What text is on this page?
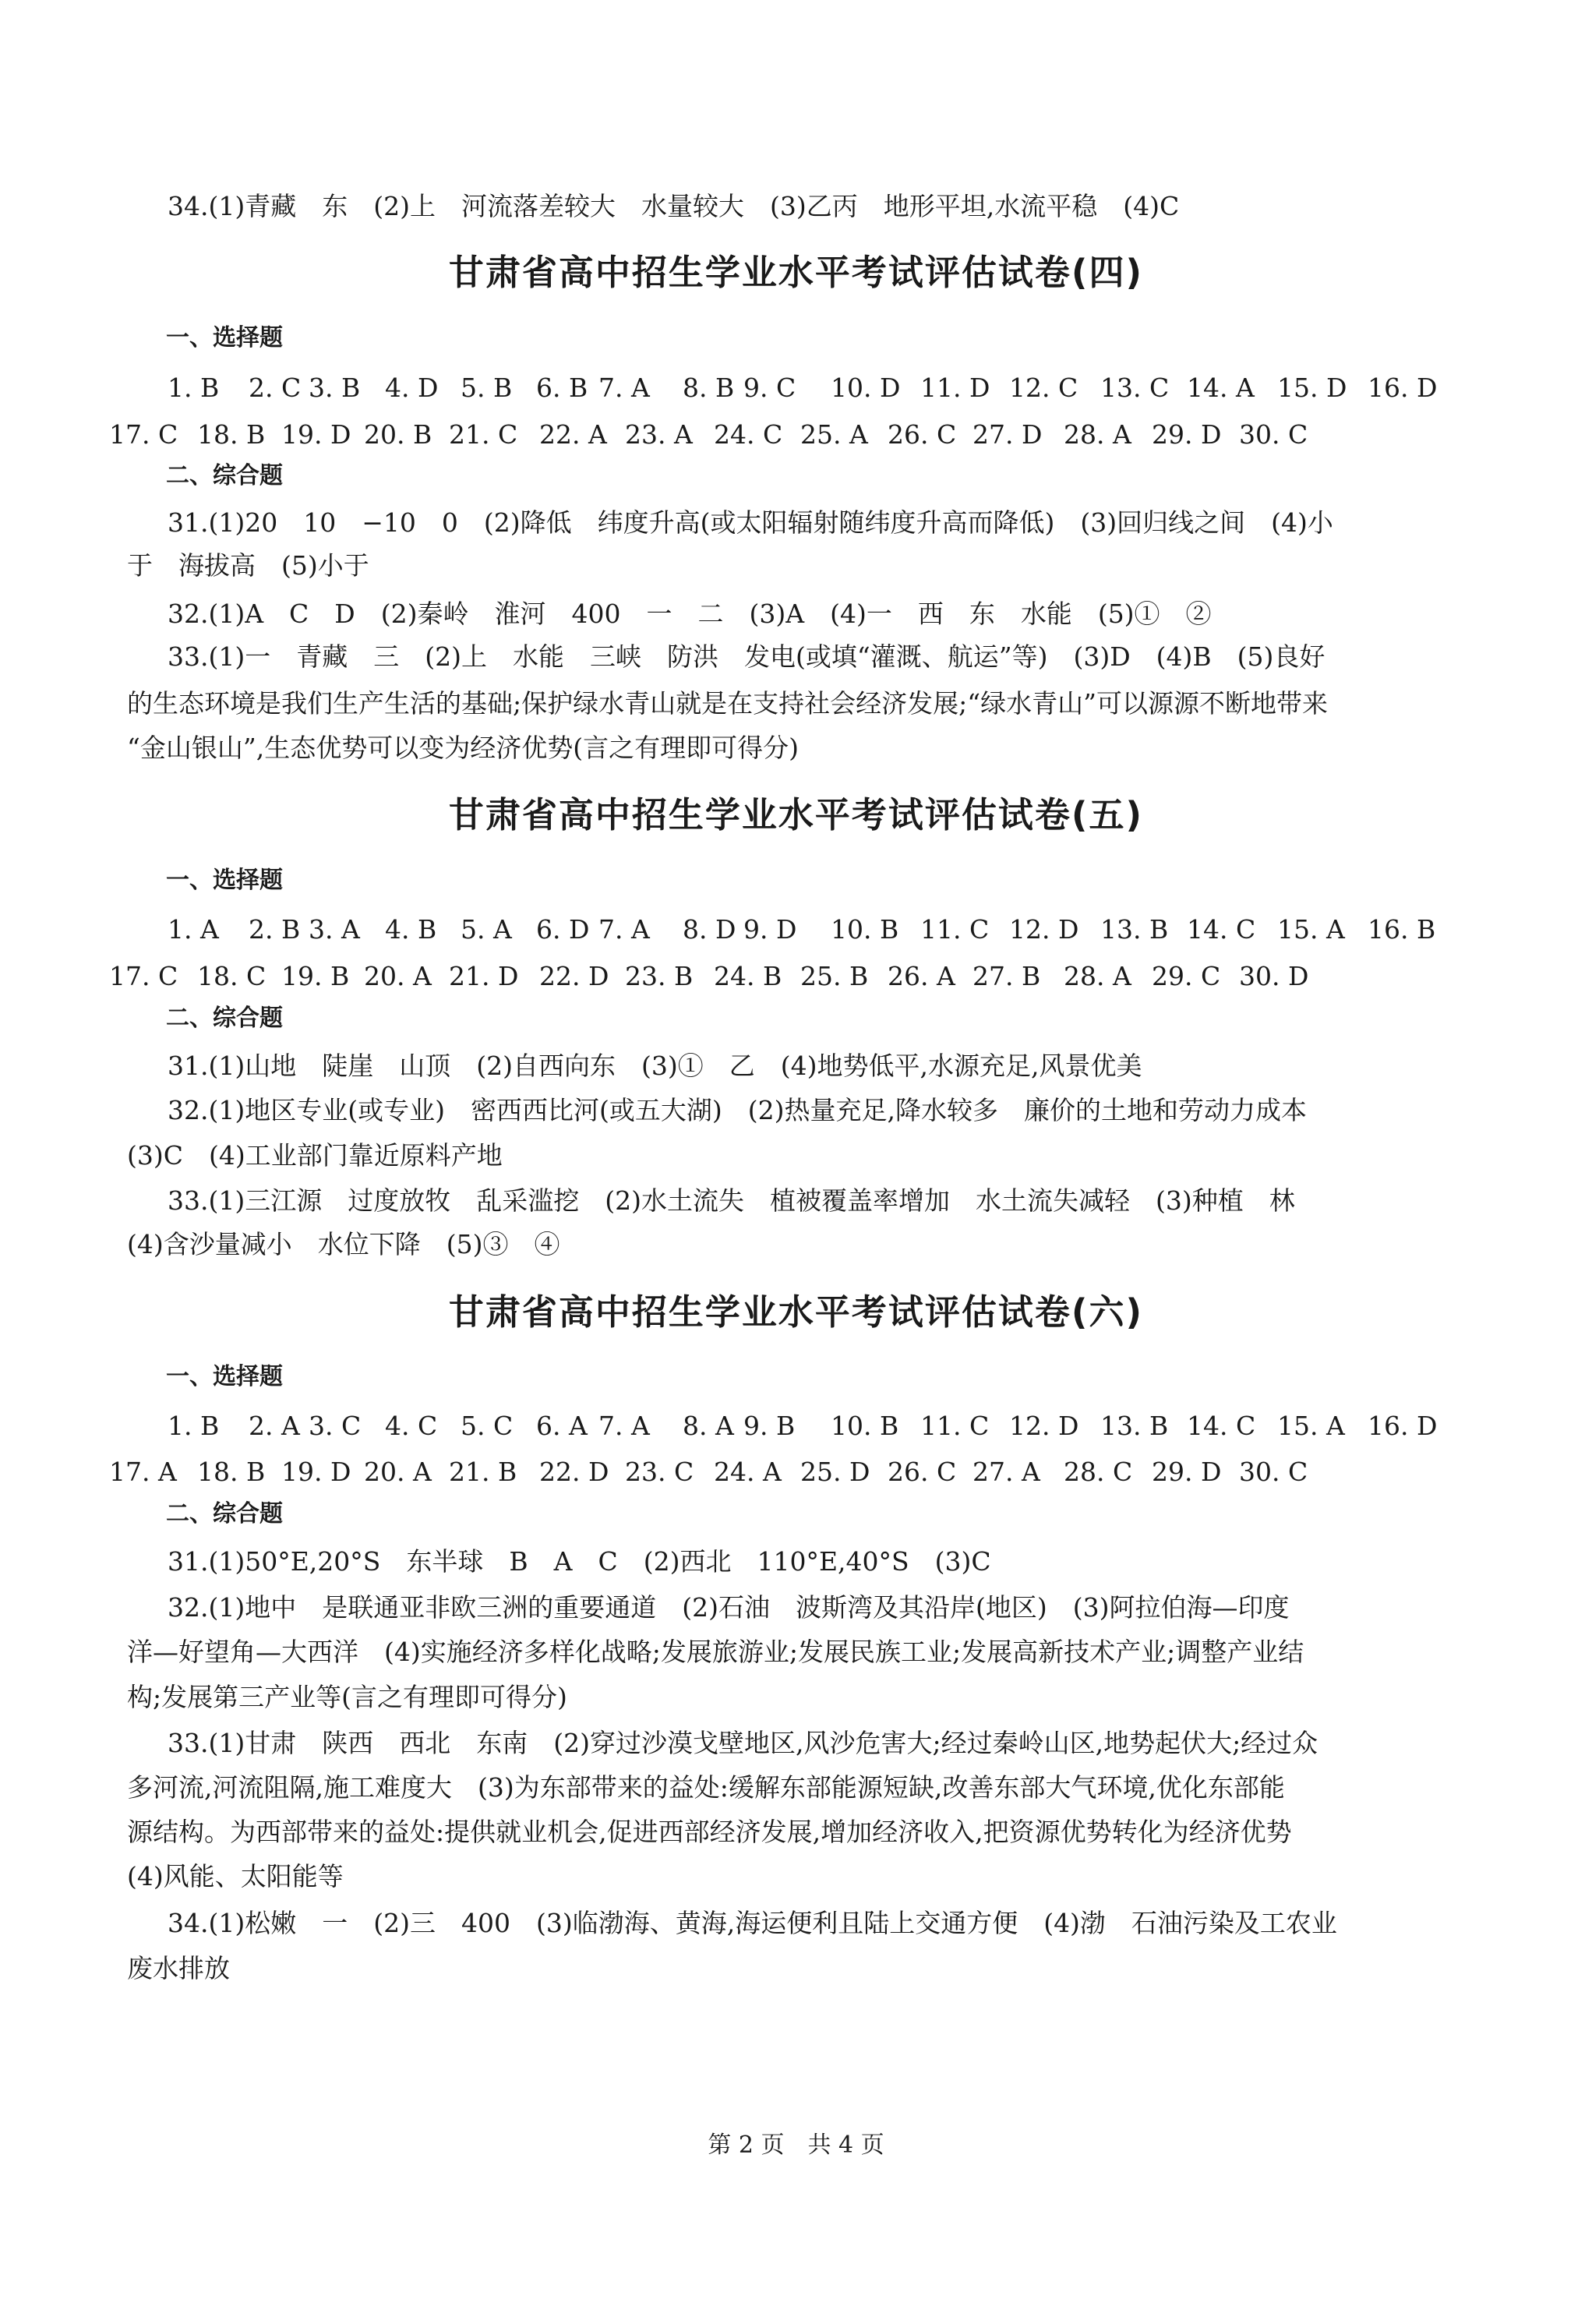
34.(1)青藏　东　(2)上　河流落差较大　水量较大　(3)乙丙　地形平坦,水流平稳　(4)C
甘肃省高中招生学业水平考试评估试卷(四)
一、选择题
1. B 2. C 3. B 4. D 5. B 6. B 7. A 8. B 9. C 10. D 11. D 12. C 13. C 14. A 15. D 16. D
17. C 18. B 19. D 20. B 21. C 22. A 23. A 24. C 25. A 26. C 27. D 28. A 29. D 30. C
二、综合题
31.(1)20　10　−10　0　(2)降低　纬度升高(或太阳辐射随纬度升高而降低)　(3)回归线之间　(4)小
于　海拔高　(5)小于
32.(1)A　C　D　(2)秦岭　淮河　400　一　二　(3)A　(4)一　西　东　水能　(5)①　②
33.(1)一　青藏　三　(2)上　水能　三峡　防洪　发电(或填“灌溉、航运”等)　(3)D　(4)B　(5)良好
的生态环境是我们生产生活的基础;保护绿水青山就是在支持社会经济发展;“绿水青山”可以源源不断地带来
“金山银山”,生态优势可以变为经济优势(言之有理即可得分)
甘肃省高中招生学业水平考试评估试卷(五)
一、选择题
1. A 2. B 3. A 4. B 5. A 6. D 7. A 8. D 9. D 10. B 11. C 12. D 13. B 14. C 15. A 16. B
17. C 18. C 19. B 20. A 21. D 22. D 23. B 24. B 25. B 26. A 27. B 28. A 29. C 30. D
二、综合题
31.(1)山地　陡崖　山顶　(2)自西向东　(3)①　乙　(4)地势低平,水源充足,风景优美
32.(1)地区专业(或专业)　密西西比河(或五大湖)　(2)热量充足,降水较多　廉价的土地和劳动力成本
(3)C　(4)工业部门靠近原料产地
33.(1)三江源　过度放牧　乱采滥挖　(2)水土流失　植被覆盖率增加　水土流失减轻　(3)种植　林
(4)含沙量减小　水位下降　(5)③　④
甘肃省高中招生学业水平考试评估试卷(六)
一、选择题
1. B 2. A 3. C 4. C 5. C 6. A 7. A 8. A 9. B 10. B 11. C 12. D 13. B 14. C 15. A 16. D
17. A 18. B 19. D 20. A 21. B 22. D 23. C 24. A 25. D 26. C 27. A 28. C 29. D 30. C
二、综合题
31.(1)50°E,20°S　东半球　B　A　C　(2)西北　110°E,40°S　(3)C
32.(1)地中　是联通亚非欧三洲的重要通道　(2)石油　波斯湾及其沿岸(地区)　(3)阿拉伯海—印度
洋—好望角—大西洋　(4)实施经济多样化战略;发展旅游业;发展民族工业;发展高新技术产业;调整产业结
构;发展第三产业等(言之有理即可得分)
33.(1)甘肃　陕西　西北　东南　(2)穿过沙漠戈壁地区,风沙危害大;经过秦岭山区,地势起伏大;经过众
多河流,河流阻隔,施工难度大　(3)为东部带来的益处:缓解东部能源短缺,改善东部大气环境,优化东部能
源结构。为西部带来的益处:提供就业机会,促进西部经济发展,增加经济收入,把资源优势转化为经济优势
(4)风能、太阳能等
34.(1)松嫩　一　(2)三　400　(3)临渤海、黄海,海运便利且陆上交通方便　(4)渤　石油污染及工农业
废水排放
第 2 页　共 4 页
